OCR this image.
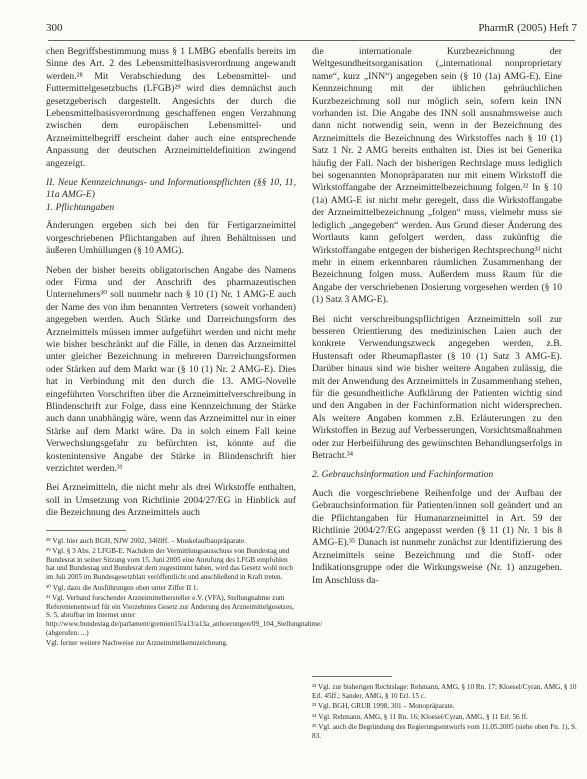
300	PharmR (2005) Heft 7

chen Begriffsbestimmung muss § 1 LMBG ebenfalls bereits im Sinne des Art. 2 des Lebensmittelbasisverordnung angewandt werden.²⁸ Mit Verabschiedung des Lebensmittel- und Futtermittelgesetzbuchs (LFGB)²⁹ wird dies demnächst auch gesetzgeberisch dargestellt. Angesichts der durch die Lebensmittelbasisverordnung geschaffenen engen Verzahnung zwischen dem europäischen Lebensmittel- und Arzneimittelbegriff erscheint daher auch eine entsprechende Anpassung der deutschen Arzneimitteldefinition zwingend angezeigt.

II. Neue Kennzeichnungs- und Informationspflichten (§§ 10, 11, 11a AMG-E)

1. Pflichtangaben

Änderungen ergeben sich bei den für Fertigarzneimittel vorgeschriebenen Pflichtangaben auf ihren Behältnissen und äußeren Umhüllungen (§ 10 AMG).

Neben der bisher bereits obligatorischen Angabe des Namens oder Firma und der Anschrift des pharmazeutischen Unternehmers³⁰ soll nunmehr nach § 10 (1) Nr. 1 AMG-E auch der Name des von ihm benannten Vertreters (soweit vorhanden) angegeben werden. Auch Stärke und Darreichungsform des Arzneimittels müssen immer aufgeführt werden und nicht mehr wie bisher beschränkt auf die Fälle, in denen das Arzneimittel unter gleicher Bezeichnung in mehreren Darreichungsformen oder Stärken auf dem Markt war (§ 10 (1) Nr. 2 AMG-E). Dies hat in Verbindung mit den durch die 13. AMG-Novelle eingeführten Vorschriften über die Arzneimittelverschreibung in Blindenschrift zur Folge, dass eine Kennzeichnung der Stärke auch dann unabhängig wäre, wenn das Arzneimittel nur in einer Stärke auf dem Markt wäre. Da in solch einem Fall keine Verwechslungsgefahr zu befürchten ist, könnte auf die kostenintensive Angabe der Stärke in Blindenschrift hier verzichtet werden.³¹

Bei Arzneimitteln, die nicht mehr als drei Wirkstoffe enthalten, soll in Umsetzung von Richtlinie 2004/27/EG in Hinblick auf die Bezeichnung des Arzneimittels auch

²⁸ Vgl. hier auch BGH, NJW 2002, 3469ff. – Muskelaufbaupräparate.
²⁹ Vgl. § 3 Abs. 2 LFGB-E. Nachdem der Vermittlungsausschuss von Bundestag und Bundesrat in seiner Sitzung vom 15. Juni 2005 eine Anrufung des LFGB empfohlen hat und Bundestag und Bundesrat dem zugestimmt haben, wird das Gesetz wohl noch im Juli 2005 im Bundesgesetzblatt veröffentlicht und anschließend in Kraft treten.
³⁰ Vgl. dazu die Ausführungen oben unter Ziffer II 1.
³¹ Vgl. Verband forschender Arzneimittelhersteller e.V. (VFA), Stellungnahme zum Referentenentwurf für ein Vierzehntes Gesetz zur Änderung des Arzneimittelgesetzes, S. 5, abrufbar im Internet unter http://www.bundestag.de/parlament/gremien15/a13/a13a_anhoerungen/09_104_Stellungnahme/ (abgerufen: ...)
Vgl. ferner weitere Nachweise zur Arzneimittelkennzeichnung.

die internationale Kurzbezeichnung der Weltgesundheitsorganisation („international nonproprietary name“, kurz „INN“) angegeben sein (§ 10 (1a) AMG-E). Eine Kennzeichnung mit der üblichen gebräuchlichen Kurzbezeichnung soll nur möglich sein, sofern kein INN vorhanden ist. Die Angabe des INN soll ausnahmsweise auch dann nicht notwendig sein, wenn in der Bezeichnung des Arzneimittels die Bezeichnung des Wirkstoffes nach § 10 (1) Satz 1 Nr. 2 AMG bereits enthalten ist. Dies ist bei Generika häufig der Fall. Nach der bisherigen Rechtslage muss lediglich bei sogenannten Monopräparaten nur mit einem Wirkstoff die Wirkstoffangabe der Arzneimittelbezeichnung folgen.³² In § 10 (1a) AMG-E ist nicht mehr geregelt, dass die Wirkstoffangabe der Arzneimittelbezeichnung „folgen“ muss, vielmehr muss sie lediglich „angegeben“ werden. Aus Grund dieser Änderung des Wortlauts kann gefolgert werden, dass zukünftig die Wirkstoffangabe entgegen der bisherigen Rechtsprechung³³ nicht mehr in einem erkennbaren räumlichen Zusammenhang der Bezeichnung folgen muss. Außerdem muss Raum für die Angabe der verschriebenen Dosierung vorgesehen werden (§ 10 (1) Satz 3 AMG-E).

Bei nicht verschreibungspflichtigen Arzneimitteln soll zur besseren Orientierung des medizinischen Laien auch der konkrete Verwendungszweck angegeben werden, z.B. Hustensaft oder Rheumapflaster (§ 10 (1) Satz 3 AMG-E). Darüber hinaus sind wie bisher weitere Angaben zulässig, die mit der Anwendung des Arzneimittels in Zusammenhang stehen, für die gesundheitliche Aufklärung der Patienten wichtig sind und den Angaben in der Fachinformation nicht widersprechen. Als weitere Angaben kommen z.B. Erläuterungen zu den Wirkstoffen in Bezug auf Verbesserungen, Vorsichtsmaßnahmen oder zur Herbeiführung des gewünschten Behandlungserfolgs in Betracht.³⁴

2. Gebrauchsinformation und Fachinformation

Auch die vorgeschriebene Reihenfolge und der Aufbau der Gebrauchsinformation für Patienten/innen soll geändert und an die Pflichtangaben für Humanarzneimittel in Art. 59 der Richtlinie 2004/27/EG angepasst werden (§ 11 (1) Nr. 1 bis 8 AMG-E).³⁵ Danach ist nunmehr zunächst zur Identifizierung des Arzneimittels seine Bezeichnung und die Stoff- oder Indikationsgruppe oder die Wirkungsweise (Nr. 1) anzugeben. Im Anschluss da-

³² Vgl. zur bisherigen Rechtslage: Rehmann, AMG, § 10 Rn. 17; Kloesel/Cyran, AMG, § 10 Erl. 45ff.; Sander, AMG, § 10 Erl. 15 c.
³³ Vgl. BGH, GRUR 1998, 301 – Monopräparate.
³⁴ Vgl. Rehmann, AMG, § 11 Rn. 16; Kloesel/Cyran, AMG, § 11 Erl. 56 ff.
³⁵ Vgl. auch die Begründung des Regierungsentwurfs vom 11.05.2005 (siehe oben Fn. 1), S. 83.
